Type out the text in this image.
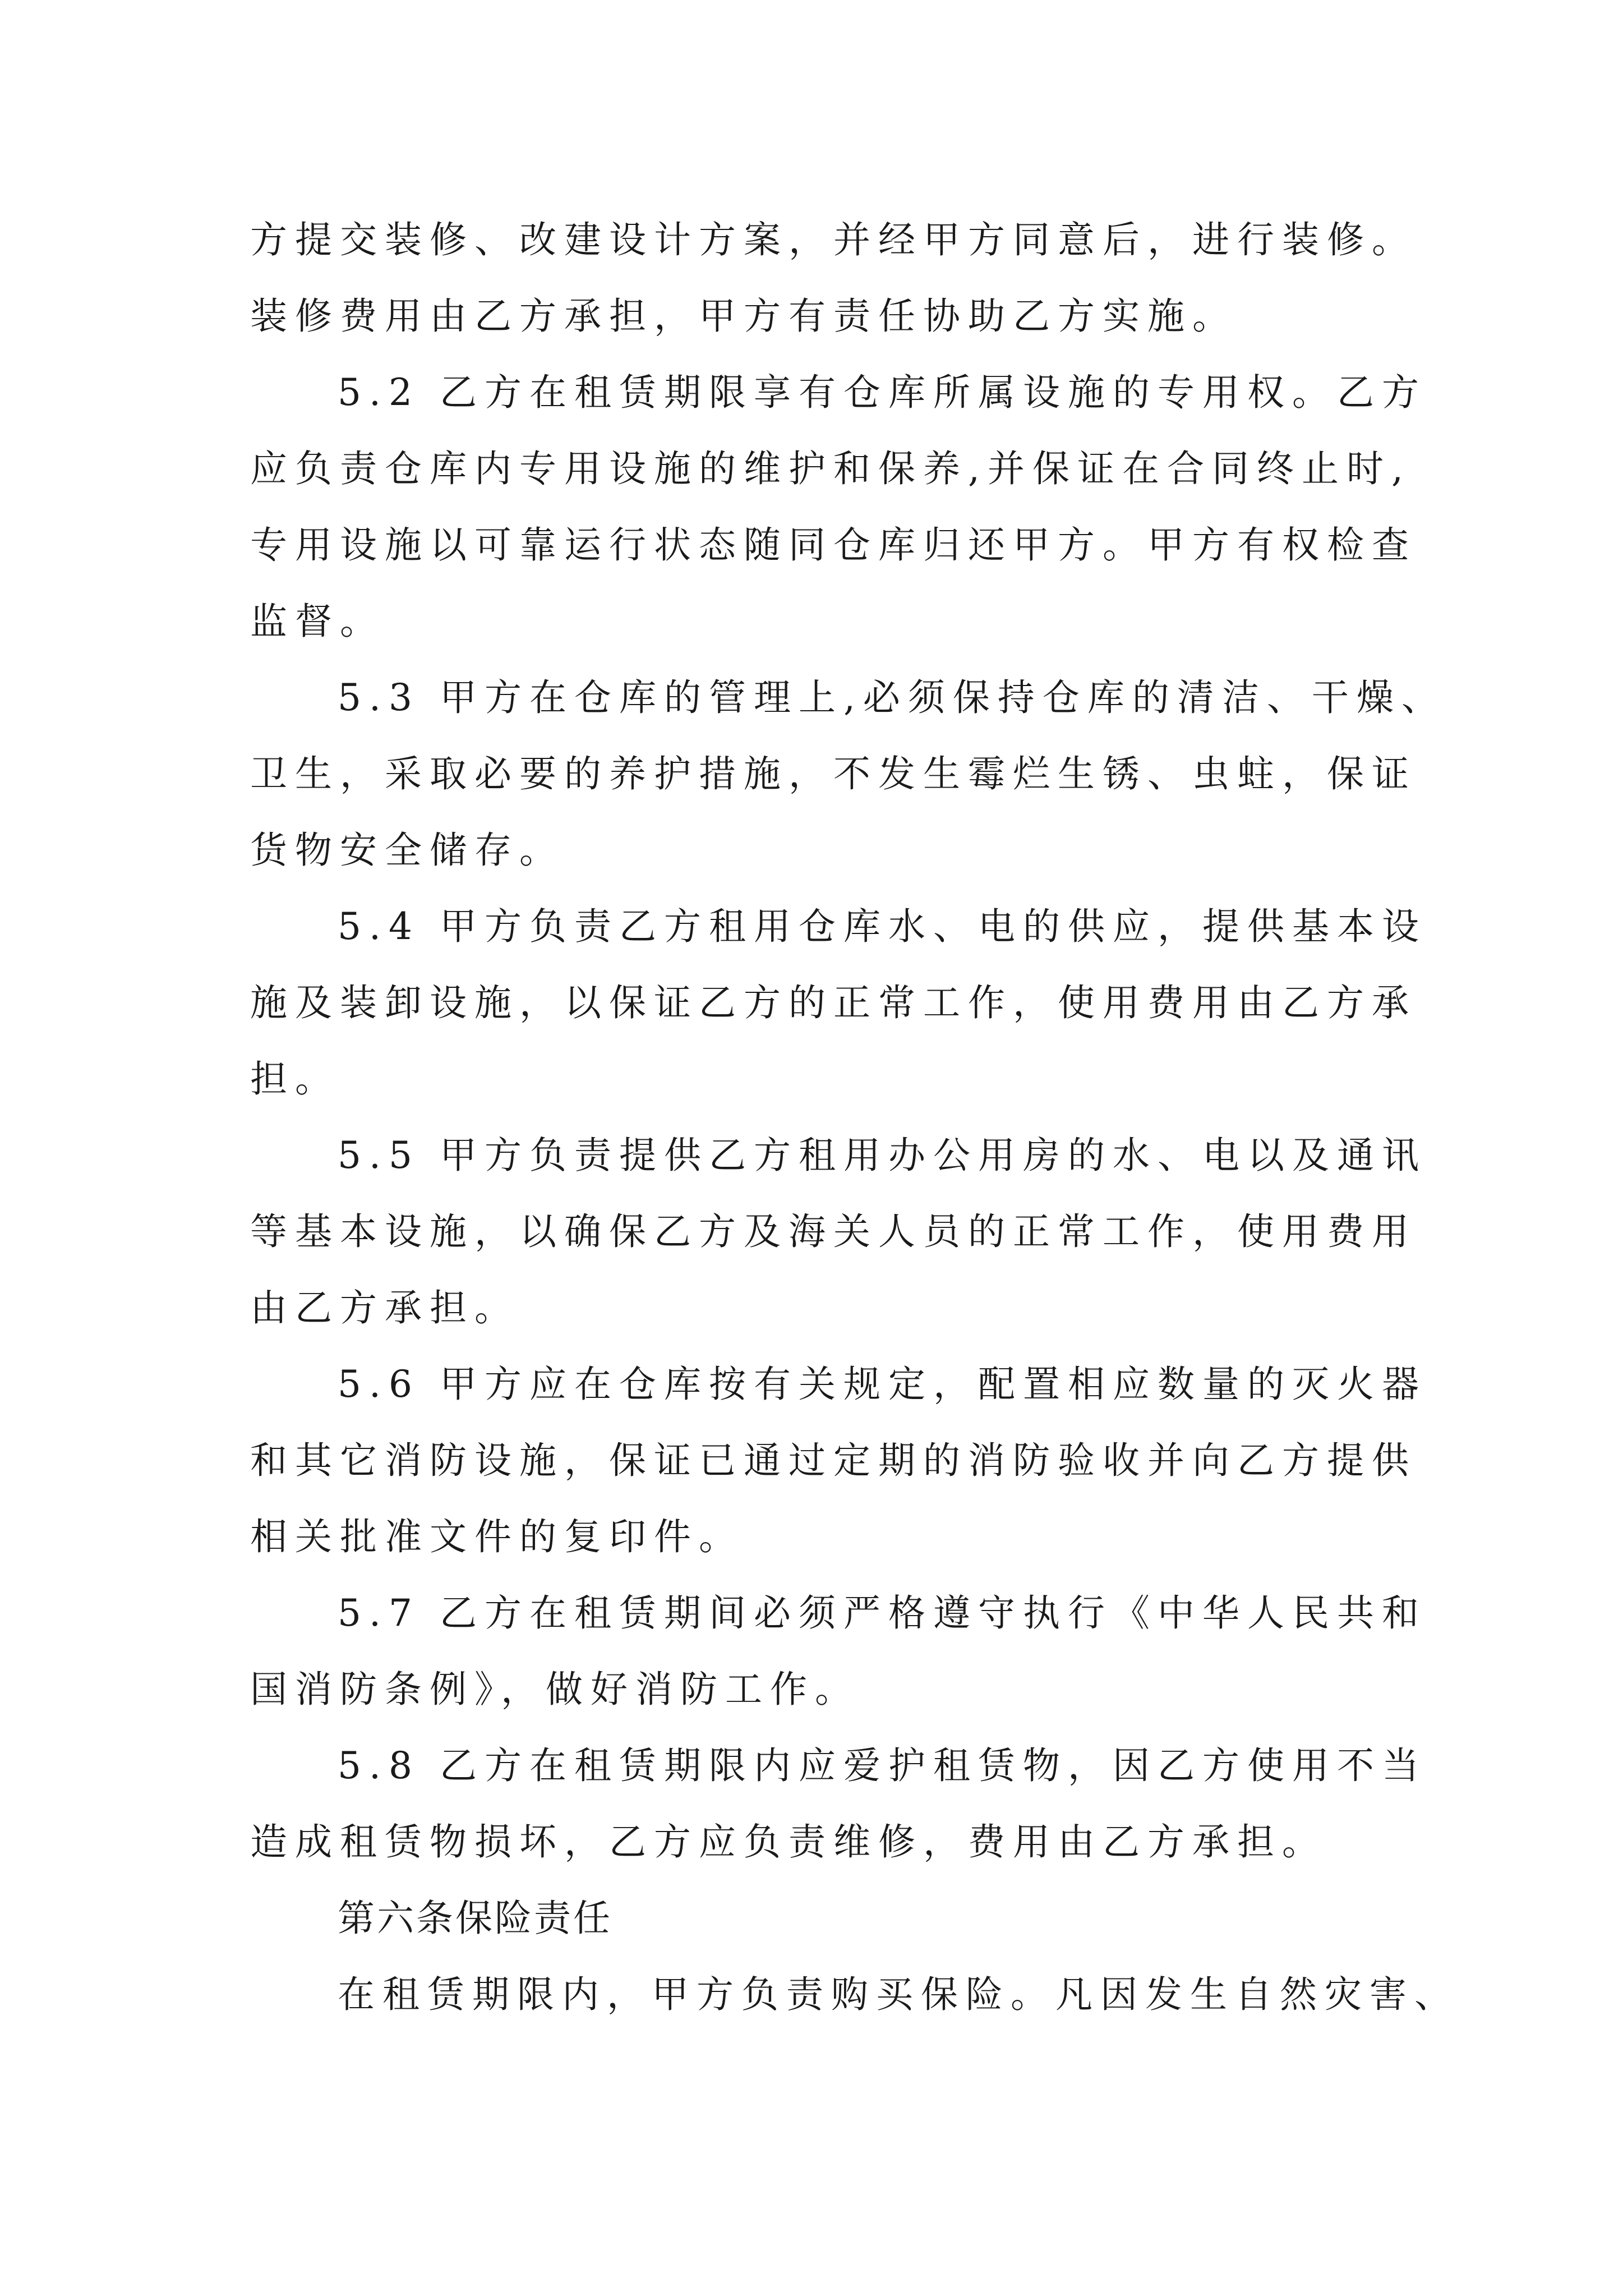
方提交装修、改建设计方案，并经甲方同意后，进行装修。
装修费用由乙方承担，甲方有责任协助乙方实施。
5.2 乙方在租赁期限享有仓库所属设施的专用权。乙方
应负责仓库内专用设施的维护和保养,并保证在合同终止时,
专用设施以可靠运行状态随同仓库归还甲方。甲方有权检查
监督。
5.3 甲方在仓库的管理上,必须保持仓库的清洁、干燥、
卫生，采取必要的养护措施，不发生霉烂生锈、虫蛀，保证
货物安全储存。
5.4 甲方负责乙方租用仓库水、电的供应，提供基本设
施及装卸设施，以保证乙方的正常工作，使用费用由乙方承
担。
5.5 甲方负责提供乙方租用办公用房的水、电以及通讯
等基本设施，以确保乙方及海关人员的正常工作，使用费用
由乙方承担。
5.6 甲方应在仓库按有关规定，配置相应数量的灭火器
和其它消防设施，保证已通过定期的消防验收并向乙方提供
相关批准文件的复印件。
5.7 乙方在租赁期间必须严格遵守执行《中华人民共和
国消防条例》，做好消防工作。
5.8 乙方在租赁期限内应爱护租赁物，因乙方使用不当
造成租赁物损坏，乙方应负责维修，费用由乙方承担。
第六条保险责任
在租赁期限内，甲方负责购买保险。凡因发生自然灾害、
